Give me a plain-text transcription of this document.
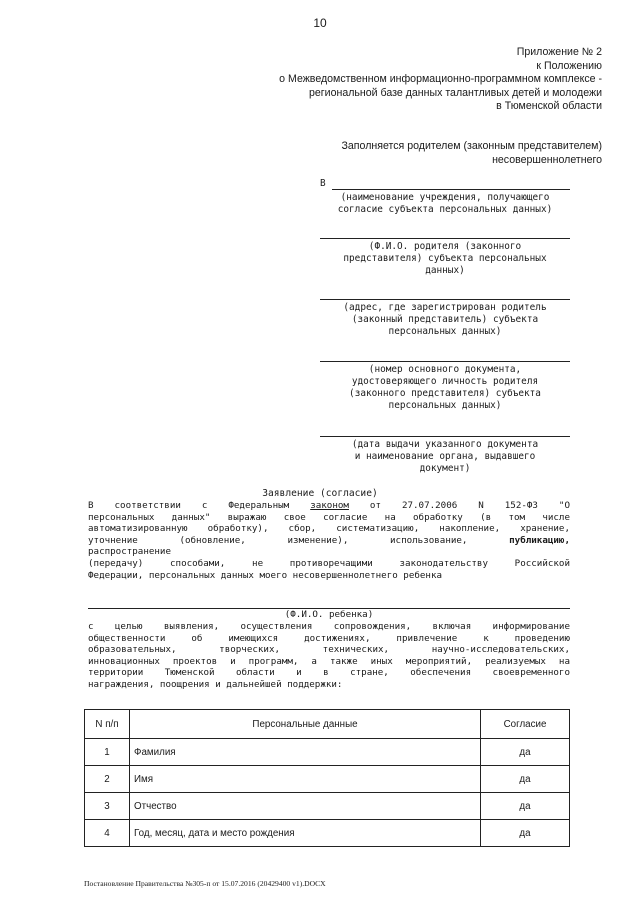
10
Приложение № 2
к Положению
о Межведомственном информационно-программном комплексе -
региональной базе данных талантливых детей и молодежи
в Тюменской области
Заполняется родителем (законным представителем)
несовершеннолетнего
В
(наименование учреждения, получающего
согласие субъекта персональных данных)
(Ф.И.О. родителя (законного
представителя) субъекта персональных
данных)
(адрес, где зарегистрирован родитель
(законный представитель) субъекта
персональных данных)
(номер основного документа,
удостоверяющего личность родителя
(законного представителя) субъекта
персональных данных)
(дата выдачи указанного документа
и наименование органа, выдавшего
документ)
Заявление (согласие)
В соответствии с Федеральным законом от 27.07.2006 N 152-ФЗ "О
персональных данных" выражаю свое согласие на обработку (в том числе
автоматизированную обработку), сбор, систематизацию, накопление, хранение,
уточнение (обновление, изменение), использование, публикацию,
распространение
(передачу) способами, не противоречащими законодательству Российской
Федерации, персональных данных моего несовершеннолетнего ребенка
(Ф.И.О. ребенка)
с целью выявления, осуществления сопровождения, включая информирование
общественности об имеющихся достижениях, привлечение к проведению
образовательных, творческих, технических, научно-исследовательских,
инновационных проектов и программ, а также иных мероприятий, реализуемых на
территории Тюменской области и в стране, обеспечения своевременного
награждения, поощрения и дальнейшей поддержки:
N п/п	Персональные данные	Согласие
1	Фамилия	да
2	Имя	да
3	Отчество	да
4	Год, месяц, дата и место рождения	да
Постановление Правительства №305-п от 15.07.2016 (20429400 v1).DOCX
